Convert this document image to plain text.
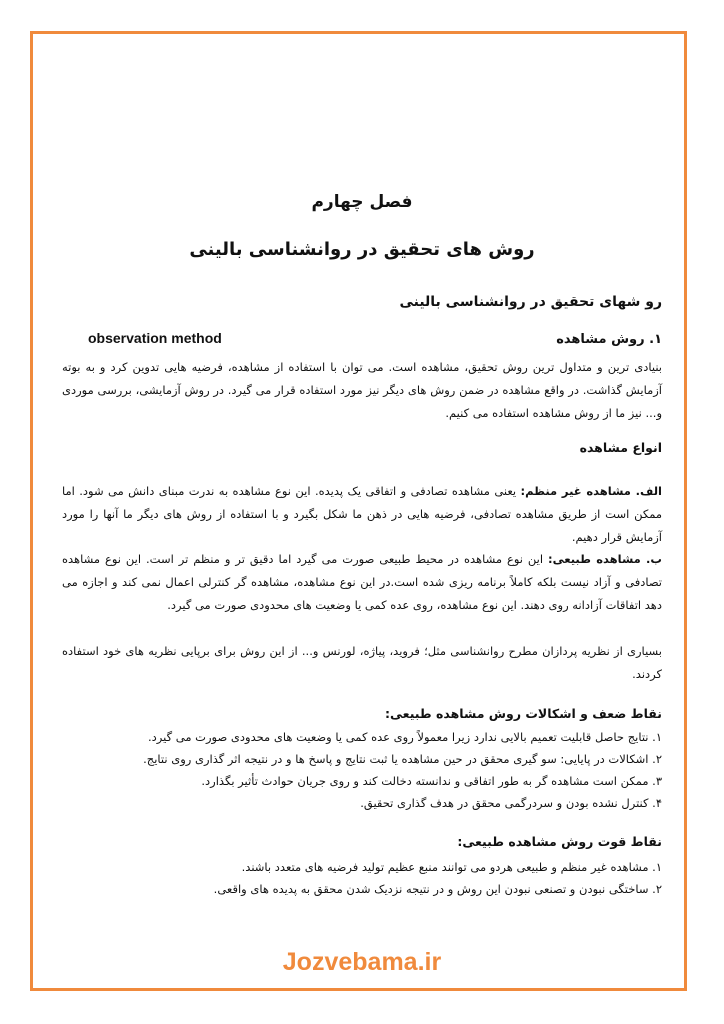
فصل چهارم
روش های تحقیق در روانشناسی بالینی
رو شهای تحقیق در روانشناسی بالینی
۱. روش مشاهده
observation method
بنیادی ترین و متداول ترین روش تحقیق، مشاهده است. می توان با استفاده از مشاهده، فرضیه هایی تدوین کرد و به بوته آزمایش گذاشت. در واقع مشاهده در ضمن روش های دیگر نیز مورد استفاده قرار می گیرد. در روش آزمایشی، بررسی موردی و... نیز ما از روش مشاهده استفاده می کنیم.
انواع مشاهده
الف. مشاهده غیر منظم: یعنی مشاهده تصادفی و اتفاقی یک پدیده. این نوع مشاهده به ندرت مبنای دانش می شود. اما ممکن است از طریق مشاهده تصادفی، فرضیه هایی در ذهن ما شکل بگیرد و با استفاده از روش های دیگر ما آنها را مورد آزمایش قرار دهیم.
ب. مشاهده طبیعی: این نوع مشاهده در محیط طبیعی صورت می گیرد اما دقیق تر و منظم تر است. این نوع مشاهده تصادفی و آزاد نیست بلکه کاملاً برنامه ریزی شده است.در این نوع مشاهده، مشاهده گر کنترلی اعمال نمی کند و اجازه می دهد اتفاقات آزادانه روی دهند. این نوع مشاهده، روی عده کمی یا وضعیت های محدودی صورت می گیرد.
بسیاری از نظریه پردازان مطرح روانشناسی مثل؛ فروید، پیاژه، لورنس و... از این روش برای برپایی نظریه های خود استفاده کردند.
نقاط ضعف و اشکالات روش مشاهده طبیعی:
۱. نتایج حاصل قابلیت تعمیم بالایی ندارد زیرا معمولاً روی عده کمی یا وضعیت های محدودی صورت می گیرد.
۲. اشکالات در پایایی: سو گیری محقق در حین مشاهده یا ثبت نتایج و پاسخ ها و در نتیجه اثر گذاری روی نتایج.
۳. ممکن است مشاهده گر به طور اتفاقی و ندانسته دخالت کند و روی جریان حوادث تأثیر بگذارد.
۴. کنترل نشده بودن و سردرگمی محقق در هدف گذاری تحقیق.
نقاط قوت روش مشاهده طبیعی:
۱. مشاهده غیر منظم و طبیعی هردو می توانند منبع عظیم تولید فرضیه های متعدد باشند.
۲. ساختگی نبودن و تصنعی نبودن این روش و در نتیجه نزدیک شدن محقق به پدیده های واقعی.
Jozvebama.ir
